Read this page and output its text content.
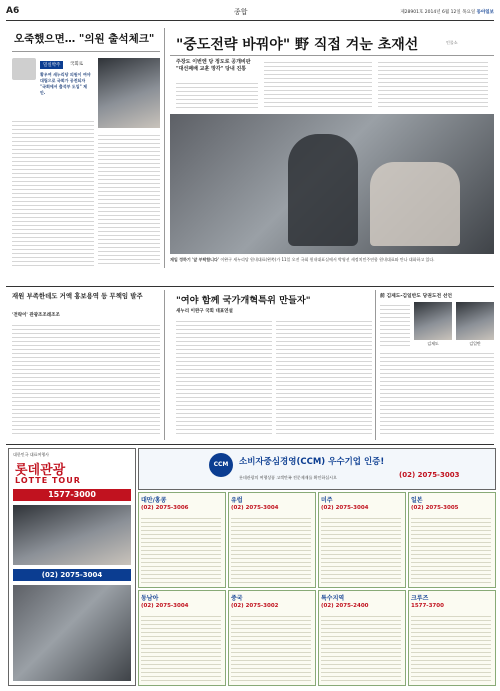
A6	종합	제28901호 2014년 6월 12일 목요일 동아일보
오죽했으면… "의원 출석체크"
밀실박주	국회로
황우여 새누리당 의원이 여야 대립으로 국회가 공전되자 "국회에서 출석부 도입" 제안.
"중도전략 바꿔야" 野 직접 겨눈 초재선	인물소
주장도 이번엔 당 정도로 공개비판 "대선패배 교훈 망각" 당내 진통
재입 정하기 '앞 부탁합니다' 이완구 새누리당 원내대표(왼쪽)가 11일 오전 국회 원내대표실에서 박영선 새정치민주연합 원내대표와 만나 대화하고 있다.
재원 부족한데도 거액 홍보용역 등 무책임 발주
'전략이' 관광조조레조조
"여야 함께 국가개혁특위 만들자"
새누리 이완구 국회 대표연설
前 김제도-김일반도 당권도전 선언
김제도	김일반
대한민국 대표여행사
롯데관광
LOTTE TOUR
1577-3000
(02) 2075-3004
CCM	소비자중심경영(CCM) 우수기업 인증!
(02) 2075-3003
롯데관광의 여행상품 고객만족 전문제재를 확인하십시오
대만/홍콩
(02) 2075-3006
유럽
(02) 2075-3004
미주
(02) 2075-3004
일본
(02) 2075-3005
동남아
(02) 2075-3004
중국
(02) 2075-3002
특수지역
(02) 2075-2400
크루즈
1577-3700
